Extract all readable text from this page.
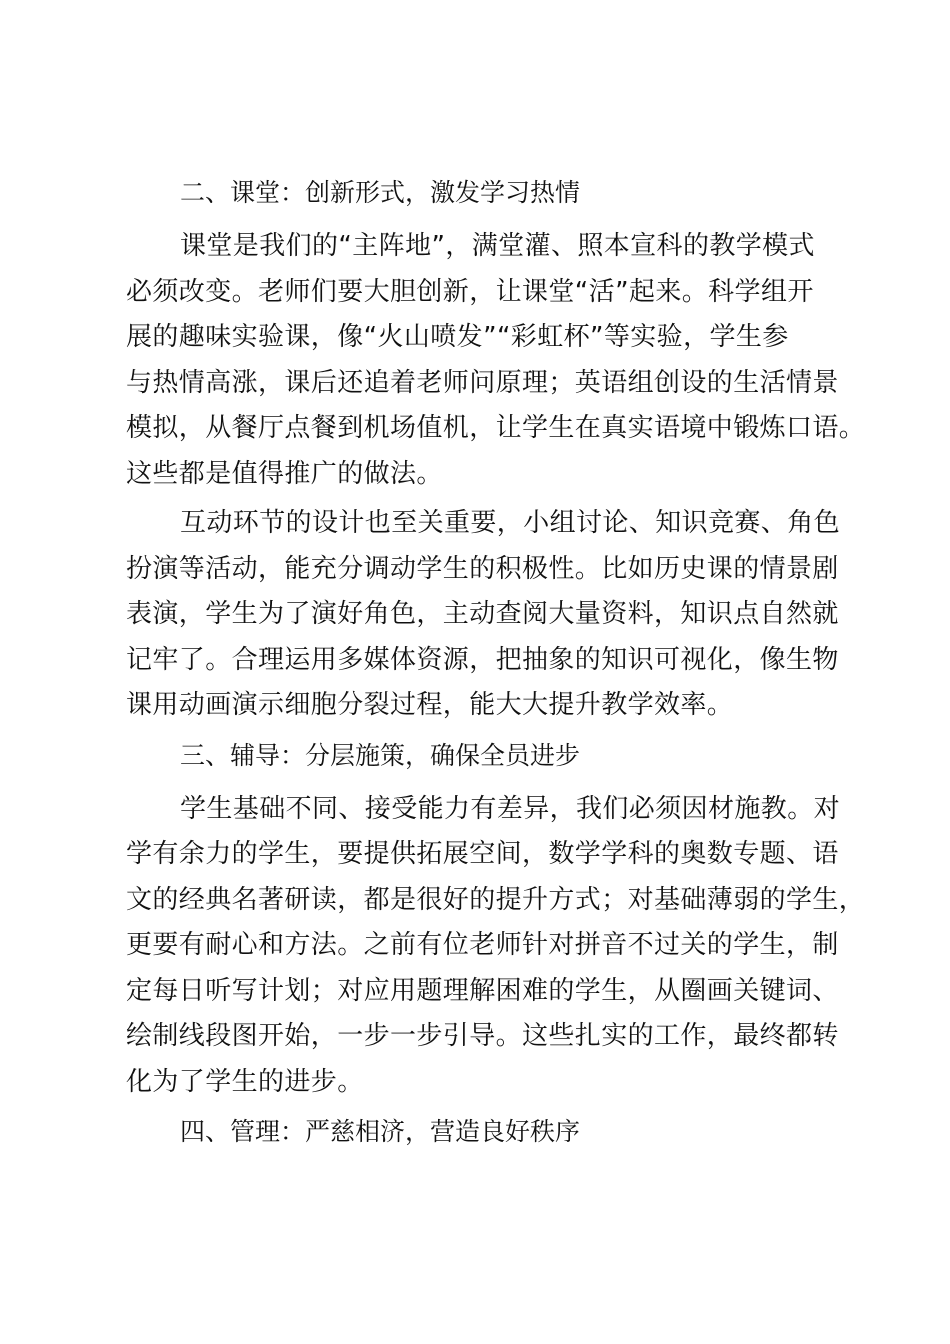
二、课堂：创新形式，激发学习热情
课堂是我们的“主阵地”，满堂灌、照本宣科的教学模式
必须改变。老师们要大胆创新，让课堂“活”起来。科学组开
展的趣味实验课，像“火山喷发”“彩虹杯”等实验，学生参
与热情高涨，课后还追着老师问原理；英语组创设的生活情景
模拟，从餐厅点餐到机场值机，让学生在真实语境中锻炼口语。
这些都是值得推广的做法。
互动环节的设计也至关重要，小组讨论、知识竞赛、角色
扮演等活动，能充分调动学生的积极性。比如历史课的情景剧
表演，学生为了演好角色，主动查阅大量资料，知识点自然就
记牢了。合理运用多媒体资源，把抽象的知识可视化，像生物
课用动画演示细胞分裂过程，能大大提升教学效率。
三、辅导：分层施策，确保全员进步
学生基础不同、接受能力有差异，我们必须因材施教。对
学有余力的学生，要提供拓展空间，数学学科的奥数专题、语
文的经典名著研读，都是很好的提升方式；对基础薄弱的学生，
更要有耐心和方法。之前有位老师针对拼音不过关的学生，制
定每日听写计划；对应用题理解困难的学生，从圈画关键词、
绘制线段图开始，一步一步引导。这些扎实的工作，最终都转
化为了学生的进步。
四、管理：严慈相济，营造良好秩序
